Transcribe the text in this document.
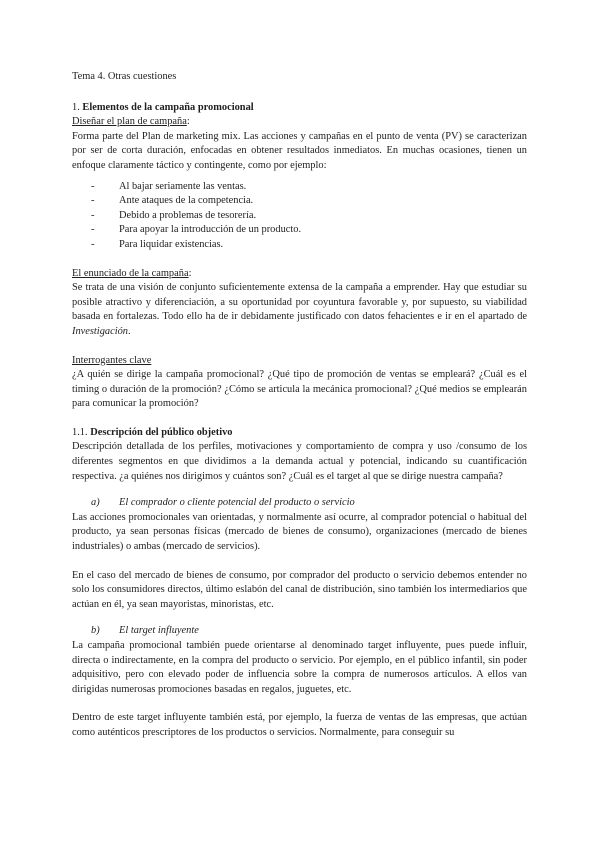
Tema 4. Otras cuestiones

1. Elementos de la campaña promocional

Diseñar el plan de campaña:

Forma parte del Plan de marketing mix. Las acciones y campañas en el punto de venta (PV) se caracterizan por ser de corta duración, enfocadas en obtener resultados inmediatos. En muchas ocasiones, tienen un enfoque claramente táctico y contingente, como por ejemplo:

- Al bajar seriamente las ventas.
- Ante ataques de la competencia.
- Debido a problemas de tesorería.
- Para apoyar la introducción de un producto.
- Para liquidar existencias.

El enunciado de la campaña:

Se trata de una visión de conjunto suficientemente extensa de la campaña a emprender. Hay que estudiar su posible atractivo y diferenciación, a su oportunidad por coyuntura favorable y, por supuesto, su viabilidad basada en fortalezas. Todo ello ha de ir debidamente justificado con datos fehacientes e ir en el apartado de Investigación.

Interrogantes clave

¿A quién se dirige la campaña promocional? ¿Qué tipo de promoción de ventas se empleará? ¿Cuál es el timing o duración de la promoción? ¿Cómo se articula la mecánica promocional? ¿Qué medios se emplearán para comunicar la promoción?

1.1. Descripción del público objetivo

Descripción detallada de los perfiles, motivaciones y comportamiento de compra y uso /consumo de los diferentes segmentos en que dividimos a la demanda actual y potencial, indicando su cuantificación respectiva. ¿a quiénes nos dirigimos y cuántos son? ¿Cuál es el target al que se dirige nuestra campaña?

a) El comprador o cliente potencial del producto o servicio

Las acciones promocionales van orientadas, y normalmente así ocurre, al comprador potencial o habitual del producto, ya sean personas físicas (mercado de bienes de consumo), organizaciones (mercado de bienes industriales) o ambas (mercado de servicios).

En el caso del mercado de bienes de consumo, por comprador del producto o servicio debemos entender no solo los consumidores directos, último eslabón del canal de distribución, sino también los intermediarios que actúan en él, ya sean mayoristas, minoristas, etc.

b) El target influyente

La campaña promocional también puede orientarse al denominado target influyente, pues puede influir, directa o indirectamente, en la compra del producto o servicio. Por ejemplo, en el público infantil, sin poder adquisitivo, pero con elevado poder de influencia sobre la compra de numerosos artículos. A ellos van dirigidas numerosas promociones basadas en regalos, juguetes, etc.

Dentro de este target influyente también está, por ejemplo, la fuerza de ventas de las empresas, que actúan como auténticos prescriptores de los productos o servicios. Normalmente, para conseguir su
